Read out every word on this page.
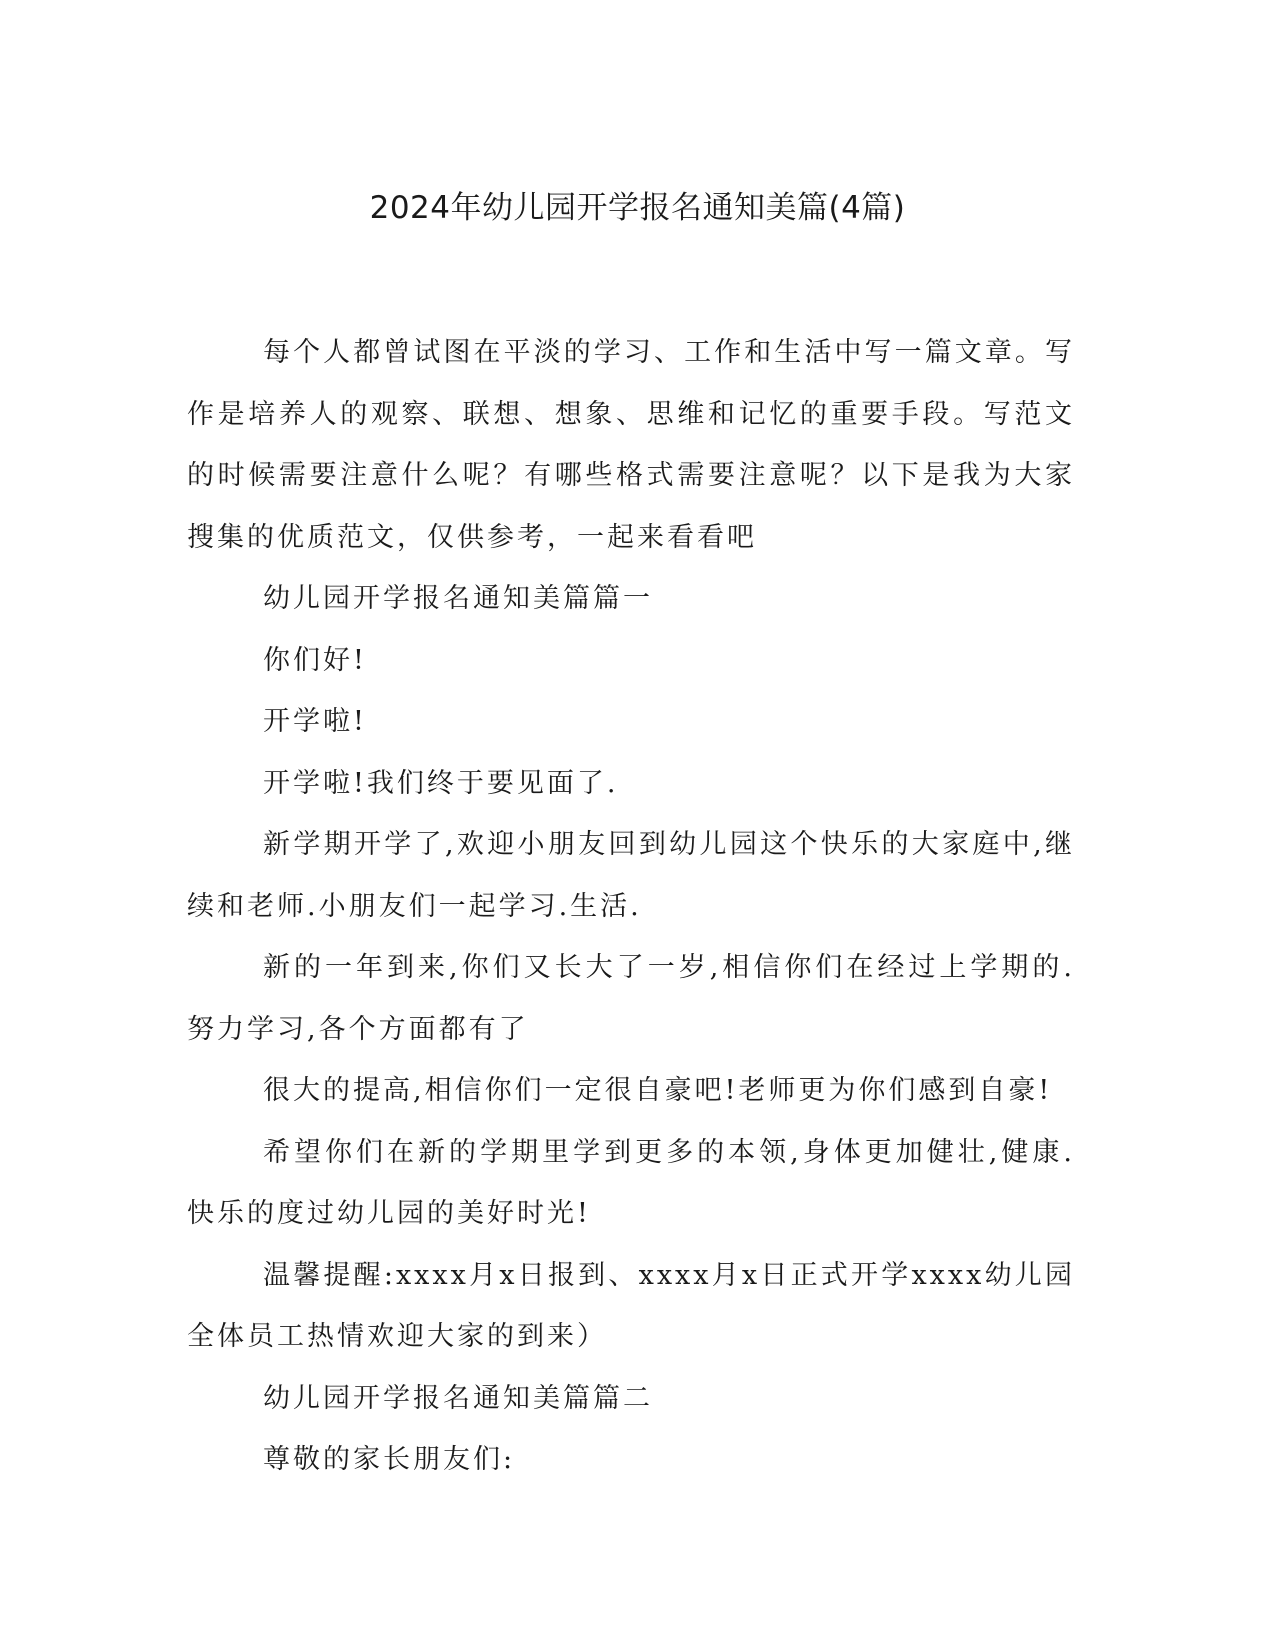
2024年幼儿园开学报名通知美篇(4篇)

每个人都曾试图在平淡的学习、工作和生活中写一篇文章。写作是培养人的观察、联想、想象、思维和记忆的重要手段。写范文的时候需要注意什么呢？有哪些格式需要注意呢？以下是我为大家搜集的优质范文，仅供参考，一起来看看吧

幼儿园开学报名通知美篇篇一

你们好!

开学啦!

开学啦!我们终于要见面了.

新学期开学了,欢迎小朋友回到幼儿园这个快乐的大家庭中,继续和老师.小朋友们一起学习.生活.

新的一年到来,你们又长大了一岁,相信你们在经过上学期的.努力学习,各个方面都有了

很大的提高,相信你们一定很自豪吧!老师更为你们感到自豪!

希望你们在新的学期里学到更多的本领,身体更加健壮,健康.快乐的度过幼儿园的美好时光!

温馨提醒:xxxx月x日报到、xxxx月x日正式开学xxxx幼儿园全体员工热情欢迎大家的到来）

幼儿园开学报名通知美篇篇二

尊敬的家长朋友们:
